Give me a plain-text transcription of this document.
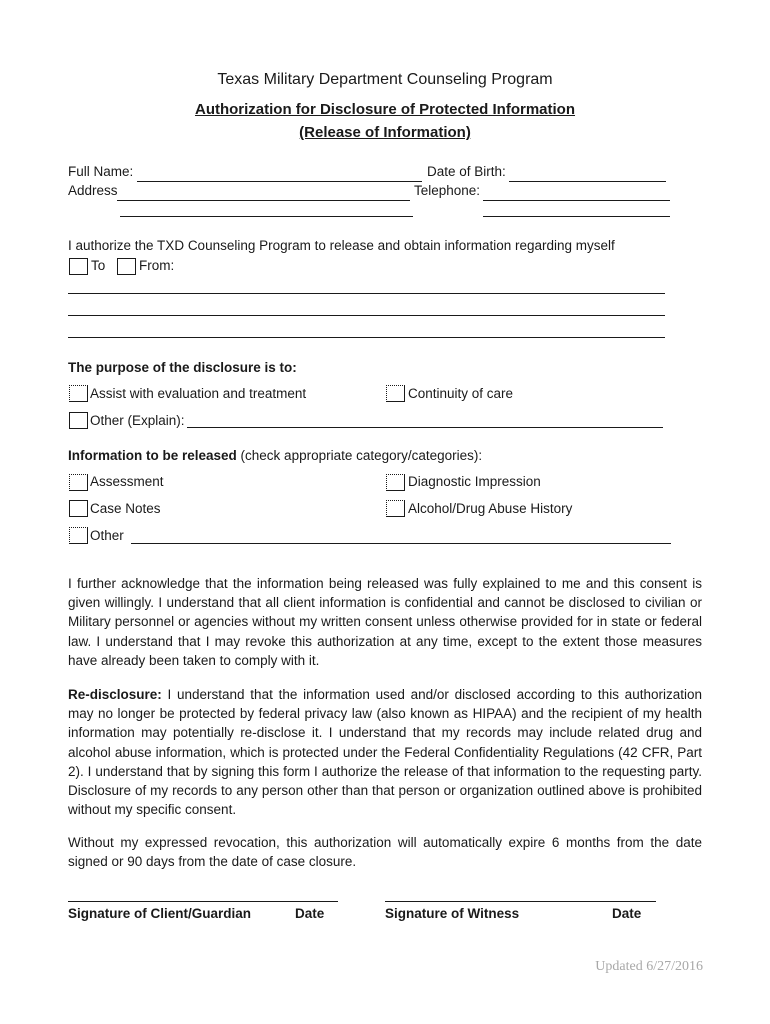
Texas Military Department Counseling Program
Authorization for Disclosure of Protected Information
(Release of Information)
Full Name:	Date of Birth:
Address	Telephone:
I authorize the TXD Counseling Program to release and obtain information regarding myself
To From:
The purpose of the disclosure is to:
Assist with evaluation and treatment	Continuity of care
Other (Explain):
Information to be released (check appropriate category/categories):
Assessment	Diagnostic Impression
Case Notes	Alcohol/Drug Abuse History
Other

I further acknowledge that the information being released was fully explained to me and this consent is given willingly. I understand that all client information is confidential and cannot be disclosed to civilian or Military personnel or agencies without my written consent unless otherwise provided for in state or federal law. I understand that I may revoke this authorization at any time, except to the extent those measures have already been taken to comply with it.

Re-disclosure: I understand that the information used and/or disclosed according to this authorization may no longer be protected by federal privacy law (also known as HIPAA) and the recipient of my health information may potentially re-disclose it. I understand that my records may include related drug and alcohol abuse information, which is protected under the Federal Confidentiality Regulations (42 CFR, Part 2). I understand that by signing this form I authorize the release of that information to the requesting party. Disclosure of my records to any person other than that person or organization outlined above is prohibited without my specific consent.

Without my expressed revocation, this authorization will automatically expire 6 months from the date signed or 90 days from the date of case closure.

Signature of Client/Guardian	Date	Signature of Witness	Date
Updated 6/27/2016
